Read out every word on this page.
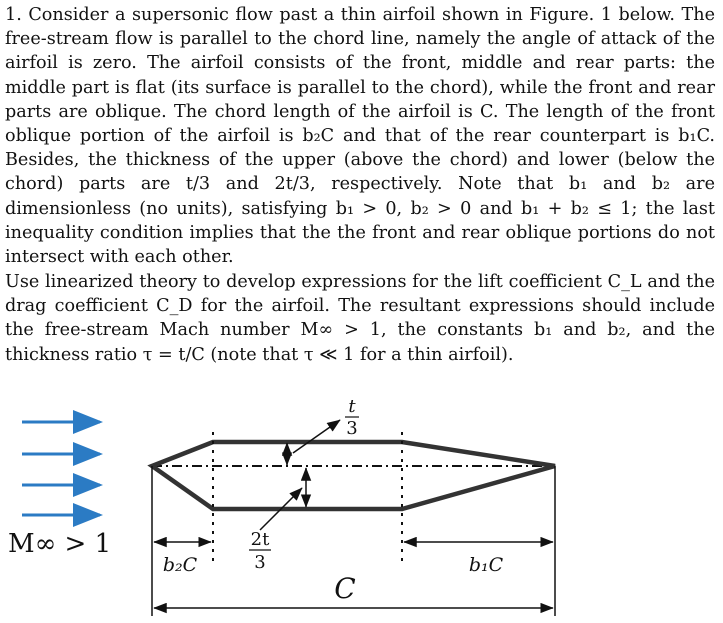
1. Consider a supersonic flow past a thin airfoil shown in Figure. 1 below. The free-stream flow is parallel to the chord line, namely the angle of attack of the airfoil is zero. The airfoil consists of the front, middle and rear parts: the middle part is flat (its surface is parallel to the chord), while the front and rear parts are oblique. The chord length of the airfoil is C. The length of the front oblique portion of the airfoil is b₂C and that of the rear counterpart is b₁C. Besides, the thickness of the upper (above the chord) and lower (below the chord) parts are t/3 and 2t/3, respectively. Note that b₁ and b₂ are dimensionless (no units), satisfying b₁ > 0, b₂ > 0 and b₁ + b₂ ≤ 1; the last inequality condition implies that the the front and rear oblique portions do not intersect with each other.
Use linearized theory to develop expressions for the lift coefficient C_L and the drag coefficient C_D for the airfoil. The resultant expressions should include the free-stream Mach number M∞ > 1, the constants b₁ and b₂, and the thickness ratio τ = t/C (note that τ ≪ 1 for a thin airfoil).
t
3
2t
3
b₂C	b₁C
C
M∞ > 1
